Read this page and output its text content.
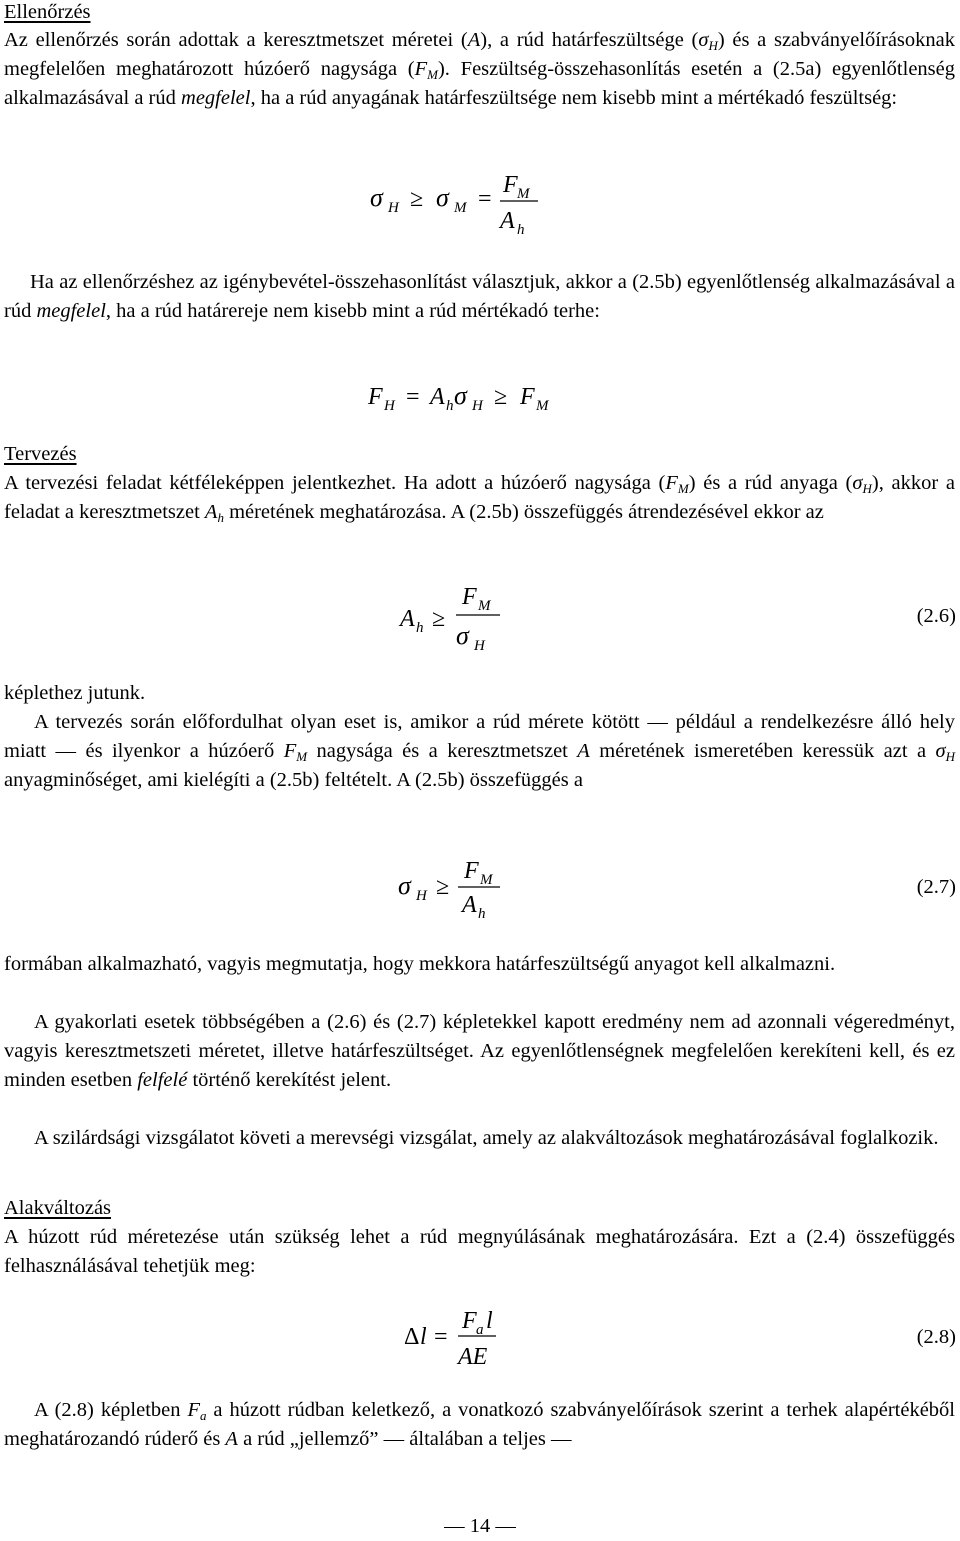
Ellenőrzés
Az ellenőrzés során adottak a keresztmetszet méretei (A), a rúd határfeszültsége $(\sigma_H)$ és a szabványelőírásoknak megfelelően meghatározott húzóerő nagysága $(F_M)$. Feszültség-összehasonlítás esetén a (2.5a) egyenlőtlenség alkalmazásával a rúd megfelel, ha a rúd anyagának határfeszültsége nem kisebb mint a mértékadó feszültség:
σ H ≥ σ M =
F M
A h
Ha az ellenőrzéshez az igénybevétel-összehasonlítást választjuk, akkor a (2.5b) egyenlőtlenség alkalmazásával a rúd megfelel, ha a rúd határereje nem kisebb mint a rúd mértékadó terhe:
F H = A h σ H ≥ F M
Tervezés
A tervezési feladat kétféleképpen jelentkezhet. Ha adott a húzóerő nagysága $(F_M)$ és a rúd anyaga $(\sigma_H)$, akkor a feladat a keresztmetszet $A_h$ méretének meghatározása. A (2.5b) összefüggés átrendezésével ekkor az
A h ≥
F M
σ H
(2.6)
képlethez jutunk.
A tervezés során előfordulhat olyan eset is, amikor a rúd mérete kötött — például a rendelkezésre álló hely miatt — és ilyenkor a húzóerő $F_M$ nagysága és a keresztmetszet A méretének ismeretében keressük azt a $\sigma_H$ anyagminőséget, ami kielégíti a (2.5b) feltételt. A (2.5b) összefüggés a
σ H ≥
F M
A h
(2.7)
formában alkalmazható, vagyis megmutatja, hogy mekkora határfeszültségű anyagot kell alkalmazni.
A gyakorlati esetek többségében a (2.6) és (2.7) képletekkel kapott eredmény nem ad azonnali végeredményt, vagyis keresztmetszeti méretet, illetve határfeszültséget. Az egyenlőtlenségnek megfelelően kerekíteni kell, és ez minden esetben felfelé történő kerekítést jelent.
A szilárdsági vizsgálatot követi a merevségi vizsgálat, amely az alakváltozások meghatározásával foglalkozik.
Alakváltozás
A húzott rúd méretezése után szükség lehet a rúd megnyúlásának meghatározására. Ezt a (2.4) összefüggés felhasználásával tehetjük meg:
Δ l =
F a l
AE
(2.8)
A (2.8) képletben $F_a$ a húzott rúdban keletkező, a vonatkozó szabványelőírások szerint a terhek alapértékéből meghatározandó rúderő és A a rúd „jellemző” — általában a teljes —
— 14 —
